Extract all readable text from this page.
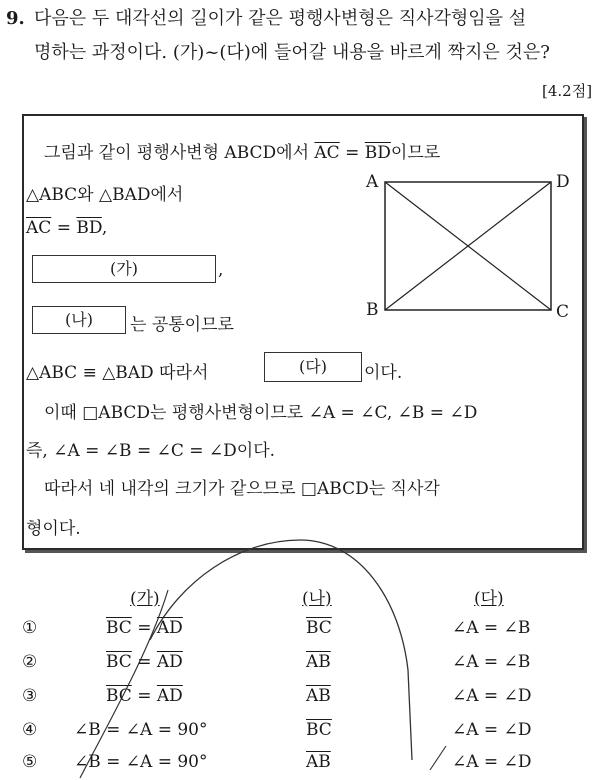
9. 다음은 두 대각선의 길이가 같은 평행사변형은 직사각형임을 설
명하는 과정이다. (가)~(다)에 들어갈 내용을 바르게 짝지은 것은?
[4.2점]
그림과 같이 평행사변형 ABCD에서 $\overline{AC} = \overline{BD}$이므로
△ABC와 △BAD에서
$\overline{AC} = \overline{BD}$,
(가)	,
(나)	는 공통이므로
△ABC ≡ △BAD 따라서	(다)	이다.
이때 □ABCD는 평행사변형이므로 ∠A = ∠C, ∠B = ∠D
즉, ∠A = ∠B = ∠C = ∠D이다.
따라서 네 내각의 크기가 같으므로 □ABCD는 직사각
형이다.
A
B	C
D
(가)	(나)	(다)
①	$\overline{BC} = \overline{AD}$	$\overline{BC}$	∠A = ∠B
②	$\overline{BC} = \overline{AD}$	$\overline{AB}$	∠A = ∠B
③	$\overline{BC} = \overline{AD}$	$\overline{AB}$	∠A = ∠D
④ ∠B = ∠A = 90°	$\overline{BC}$	∠A = ∠D
⑤ ∠B = ∠A = 90°	$\overline{AB}$	∠A = ∠D
